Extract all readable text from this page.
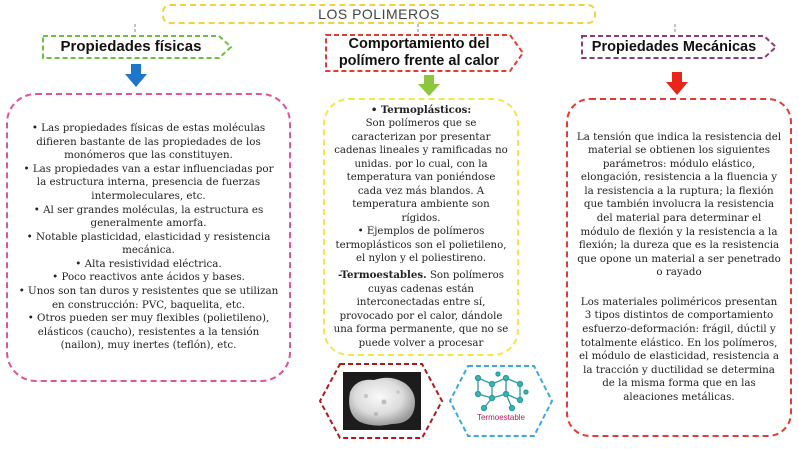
LOS POLIMEROS
Propiedades físicas

• Las propiedades físicas de estas moléculas difieren bastante de las propiedades de los monómeros que las constituyen.

• Las propiedades van a estar influenciadas por la estructura interna, presencia de fuerzas intermoleculares, etc.

• Al ser grandes moléculas, la estructura es generalmente amorfa.

• Notable plasticidad, elasticidad y resistencia mecánica.

• Alta resistividad eléctrica.

• Poco reactivos ante ácidos y bases.

• Unos son tan duros y resistentes que se utilizan en construcción: PVC, baquelita, etc.

• Otros pueden ser muy flexibles (polietileno), elásticos (caucho), resistentes a la tensión (nailon), muy inertes (teflón), etc.

Comportamiento del polímero frente al calor

• Termoplásticos:

Son polímeros que se caracterizan por presentar cadenas lineales y ramificadas no unidas. por lo cual, con la temperatura van poniéndose cada vez más blandos. A temperatura ambiente son rígidos.

• Ejemplos de polímeros termoplásticos son el polietileno, el nylon y el poliestireno.

-Termoestables. Son polímeros cuyas cadenas están interconectadas entre sí, provocado por el calor, dándole una forma permanente, que no se puede volver a procesar

Termoestable
Propiedades Mecánicas

La tensión que indica la resistencia del material se obtienen los siguientes parámetros: módulo elástico, elongación, resistencia a la fluencia y la resistencia a la ruptura; la flexión que también involucra la resistencia del material para determinar el módulo de flexión y la resistencia a la flexión; la dureza que es la resistencia que opone un material a ser penetrado o rayado

Los materiales poliméricos presentan 3 tipos distintos de comportamiento esfuerzo-deformación: frágil, dúctil y totalmente elástico. En los polímeros, el módulo de elasticidad, resistencia a la tracción y ductilidad se determina de la misma forma que en las aleaciones metálicas.
